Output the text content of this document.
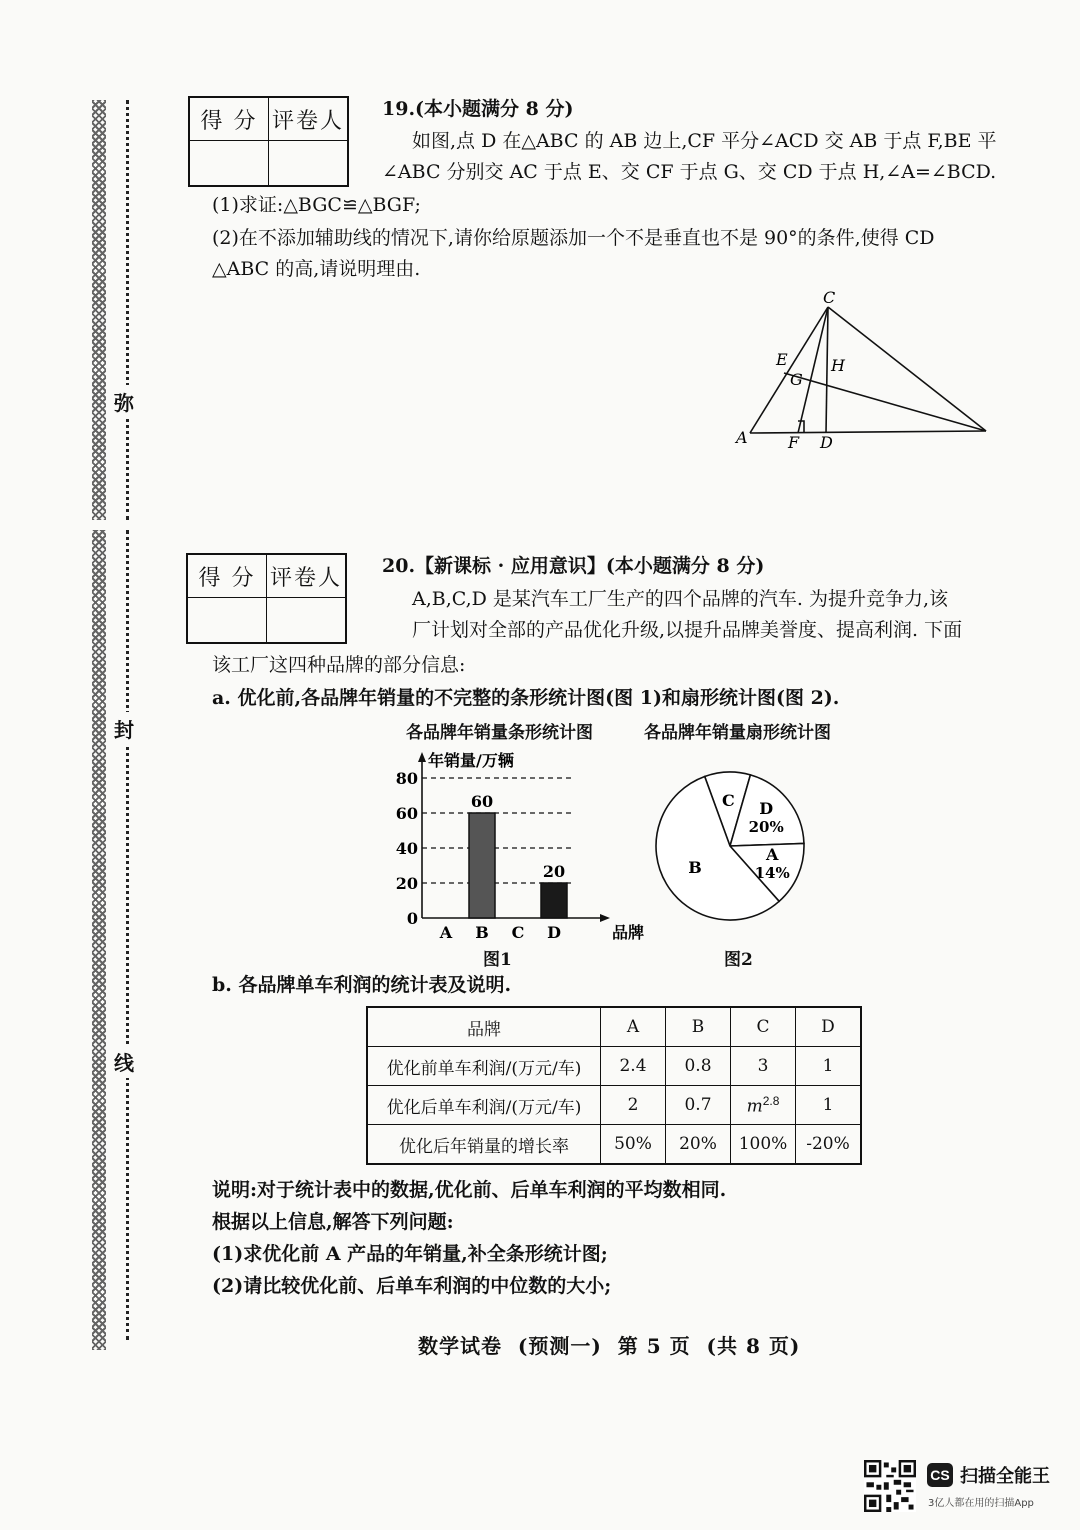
弥
封
线
得 分	评卷人
	19.(本小题满分 8 分)
如图,点 D 在△ABC 的 AB 边上,CF 平分∠ACD 交 AB 于点 F,BE 平
∠ABC 分别交 AC 于点 E、交 CF 于点 G、交 CD 于点 H,∠A=∠BCD.
(1)求证:△BGC≌△BGF;
(2)在不添加辅助线的情况下,请你给原题添加一个不是垂直也不是 90°的条件,使得 CD
△ABC 的高,请说明理由.
C
E
G
H
A	F D
得 分	评卷人
	20.【新课标 · 应用意识】(本小题满分 8 分)
A,B,C,D 是某汽车工厂生产的四个品牌的汽车. 为提升竞争力,该
厂计划对全部的产品优化升级,以提升品牌美誉度、提高利润. 下面
该工厂这四种品牌的部分信息:
a. 优化前,各品牌年销量的不完整的条形统计图(图 1)和扇形统计图(图 2).
各品牌年销量条形统计图	各品牌年销量扇形统计图
年销量/万辆
品牌
0
20
40
60
80
A
60
B C
20
D
图1
C D
20%
A
14%
B
图2
b. 各品牌单车利润的统计表及说明.
品牌	A	B	C	D
优化前单车利润/(万元/车)	2.4	0.8	3	1
优化后单车利润/(万元/车)	2	0.7	$m^{2.8}$	1
优化后年销量的增长率	50%	20%	100%	-20%
说明:对于统计表中的数据,优化前、后单车利润的平均数相同.
根据以上信息,解答下列问题:
(1)求优化前 A 产品的年销量,补全条形统计图;
(2)请比较优化前、后单车利润的中位数的大小;
数学试卷  (预测一)  第 5 页  (共 8 页)
CS 扫描全能王
3亿人都在用的扫描App
